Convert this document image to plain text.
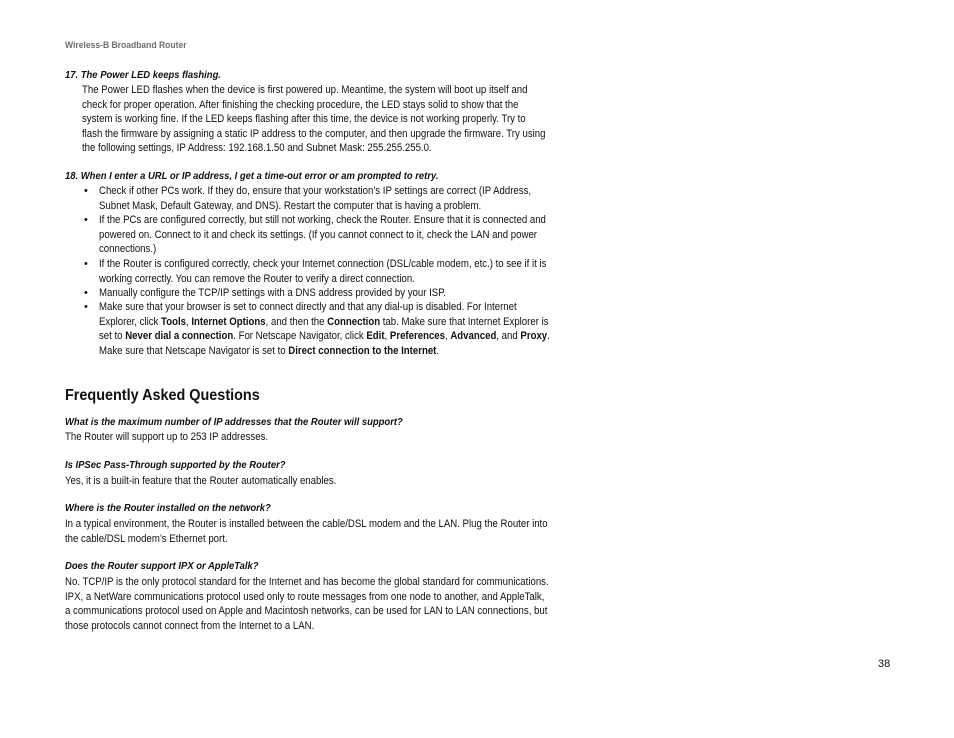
Wireless-B Broadband Router
17. The Power LED keeps flashing.
The Power LED flashes when the device is first powered up. Meantime, the system will boot up itself and
check for proper operation. After finishing the checking procedure, the LED stays solid to show that the
system is working fine. If the LED keeps flashing after this time, the device is not working properly. Try to
flash the firmware by assigning a static IP address to the computer, and then upgrade the firmware. Try using
the following settings, IP Address: 192.168.1.50 and Subnet Mask: 255.255.255.0.
18. When I enter a URL or IP address, I get a time-out error or am prompted to retry.
• Check if other PCs work. If they do, ensure that your workstation’s IP settings are correct (IP Address,
Subnet Mask, Default Gateway, and DNS). Restart the computer that is having a problem.
• If the PCs are configured correctly, but still not working, check the Router. Ensure that it is connected and
powered on. Connect to it and check its settings. (If you cannot connect to it, check the LAN and power
connections.)
• If the Router is configured correctly, check your Internet connection (DSL/cable modem, etc.) to see if it is
working correctly. You can remove the Router to verify a direct connection.
• Manually configure the TCP/IP settings with a DNS address provided by your ISP.
• Make sure that your browser is set to connect directly and that any dial-up is disabled. For Internet
Explorer, click Tools, Internet Options, and then the Connection tab. Make sure that Internet Explorer is
set to Never dial a connection. For Netscape Navigator, click Edit, Preferences, Advanced, and Proxy.
Make sure that Netscape Navigator is set to Direct connection to the Internet.
Frequently Asked Questions
What is the maximum number of IP addresses that the Router will support?
The Router will support up to 253 IP addresses.
Is IPSec Pass-Through supported by the Router?
Yes, it is a built-in feature that the Router automatically enables.
Where is the Router installed on the network?
In a typical environment, the Router is installed between the cable/DSL modem and the LAN. Plug the Router into
the cable/DSL modem’s Ethernet port.
Does the Router support IPX or AppleTalk?
No. TCP/IP is the only protocol standard for the Internet and has become the global standard for communications.
IPX, a NetWare communications protocol used only to route messages from one node to another, and AppleTalk,
a communications protocol used on Apple and Macintosh networks, can be used for LAN to LAN connections, but
those protocols cannot connect from the Internet to a LAN.
38
